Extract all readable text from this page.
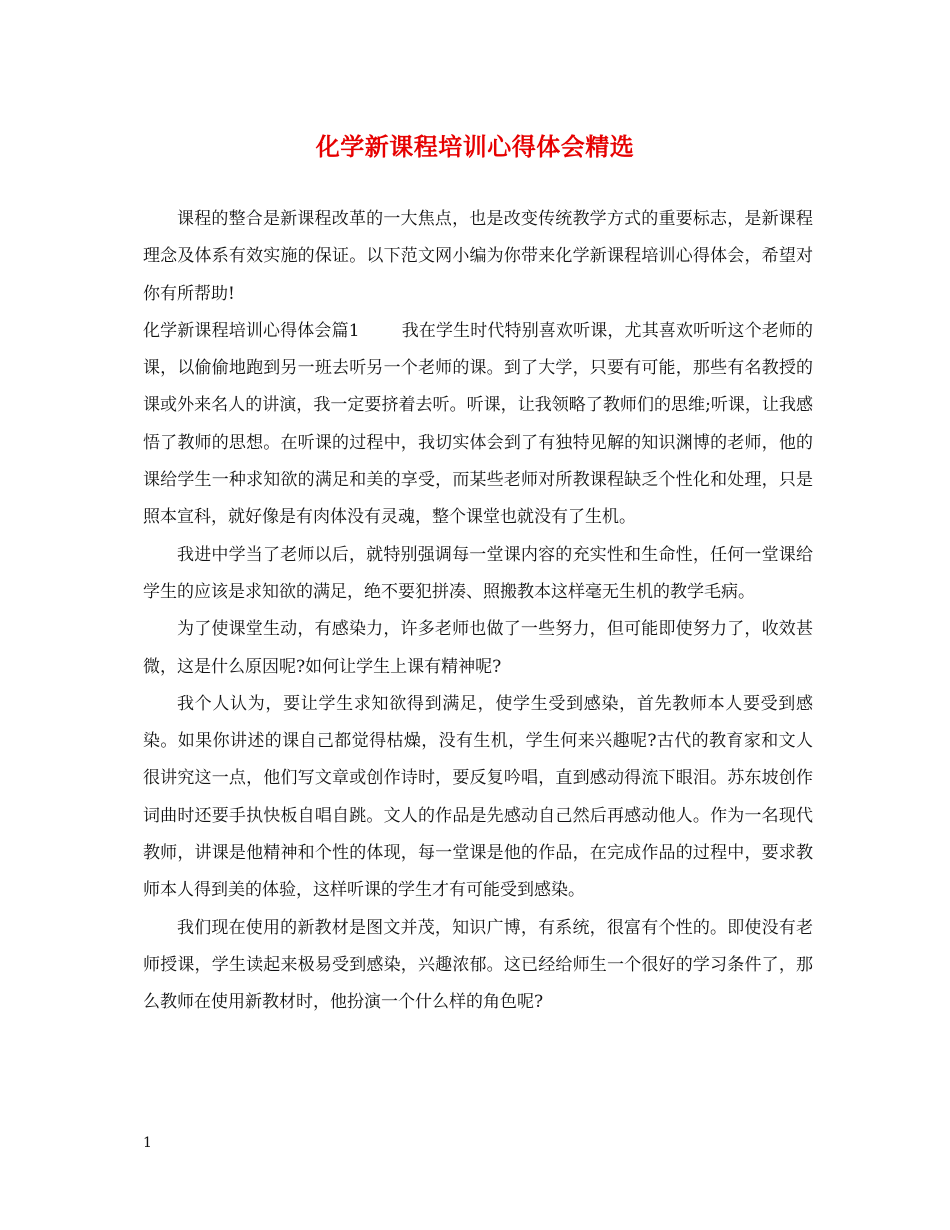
化学新课程培训心得体会精选

课程的整合是新课程改革的一大焦点，也是改变传统教学方式的重要标志，是新课程理念及体系有效实施的保证。以下范文网小编为你带来化学新课程培训心得体会，希望对你有所帮助!

化学新课程培训心得体会篇1 我在学生时代特别喜欢听课，尤其喜欢听听这个老师的课，以偷偷地跑到另一班去听另一个老师的课。到了大学，只要有可能，那些有名教授的课或外来名人的讲演，我一定要挤着去听。听课，让我领略了教师们的思维;听课，让我感悟了教师的思想。在听课的过程中，我切实体会到了有独特见解的知识渊博的老师，他的课给学生一种求知欲的满足和美的享受，而某些老师对所教课程缺乏个性化和处理，只是照本宣科，就好像是有肉体没有灵魂，整个课堂也就没有了生机。

我进中学当了老师以后，就特别强调每一堂课内容的充实性和生命性，任何一堂课给学生的应该是求知欲的满足，绝不要犯拼凑、照搬教本这样毫无生机的教学毛病。

为了使课堂生动，有感染力，许多老师也做了一些努力，但可能即使努力了，收效甚微，这是什么原因呢?如何让学生上课有精神呢?

我个人认为，要让学生求知欲得到满足，使学生受到感染，首先教师本人要受到感染。如果你讲述的课自己都觉得枯燥，没有生机，学生何来兴趣呢?古代的教育家和文人很讲究这一点，他们写文章或创作诗时，要反复吟唱，直到感动得流下眼泪。苏东坡创作词曲时还要手执快板自唱自跳。文人的作品是先感动自己然后再感动他人。作为一名现代教师，讲课是他精神和个性的体现，每一堂课是他的作品，在完成作品的过程中，要求教师本人得到美的体验，这样听课的学生才有可能受到感染。

我们现在使用的新教材是图文并茂，知识广博，有系统，很富有个性的。即使没有老师授课，学生读起来极易受到感染，兴趣浓郁。这已经给师生一个很好的学习条件了，那么教师在使用新教材时，他扮演一个什么样的角色呢?

1
